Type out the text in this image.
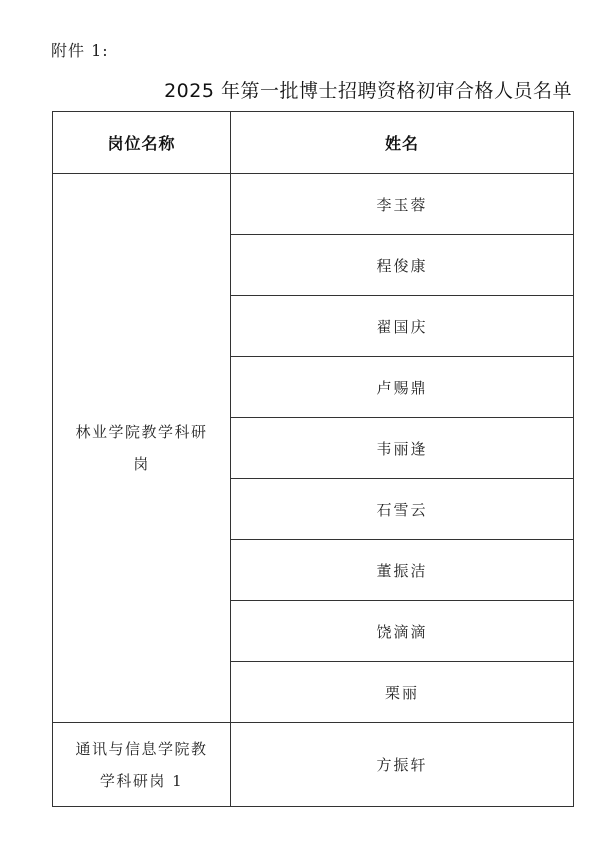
附件 1:
2025 年第一批博士招聘资格初审合格人员名单
岗位名称	姓名

林业学院教学科研
岗	李玉蓉
	程俊康
	翟国庆
	卢赐鼎
	韦丽逢
	石雪云
	董振洁
	饶滴滴
	栗丽

通讯与信息学院教
学科研岗 1	方振轩
